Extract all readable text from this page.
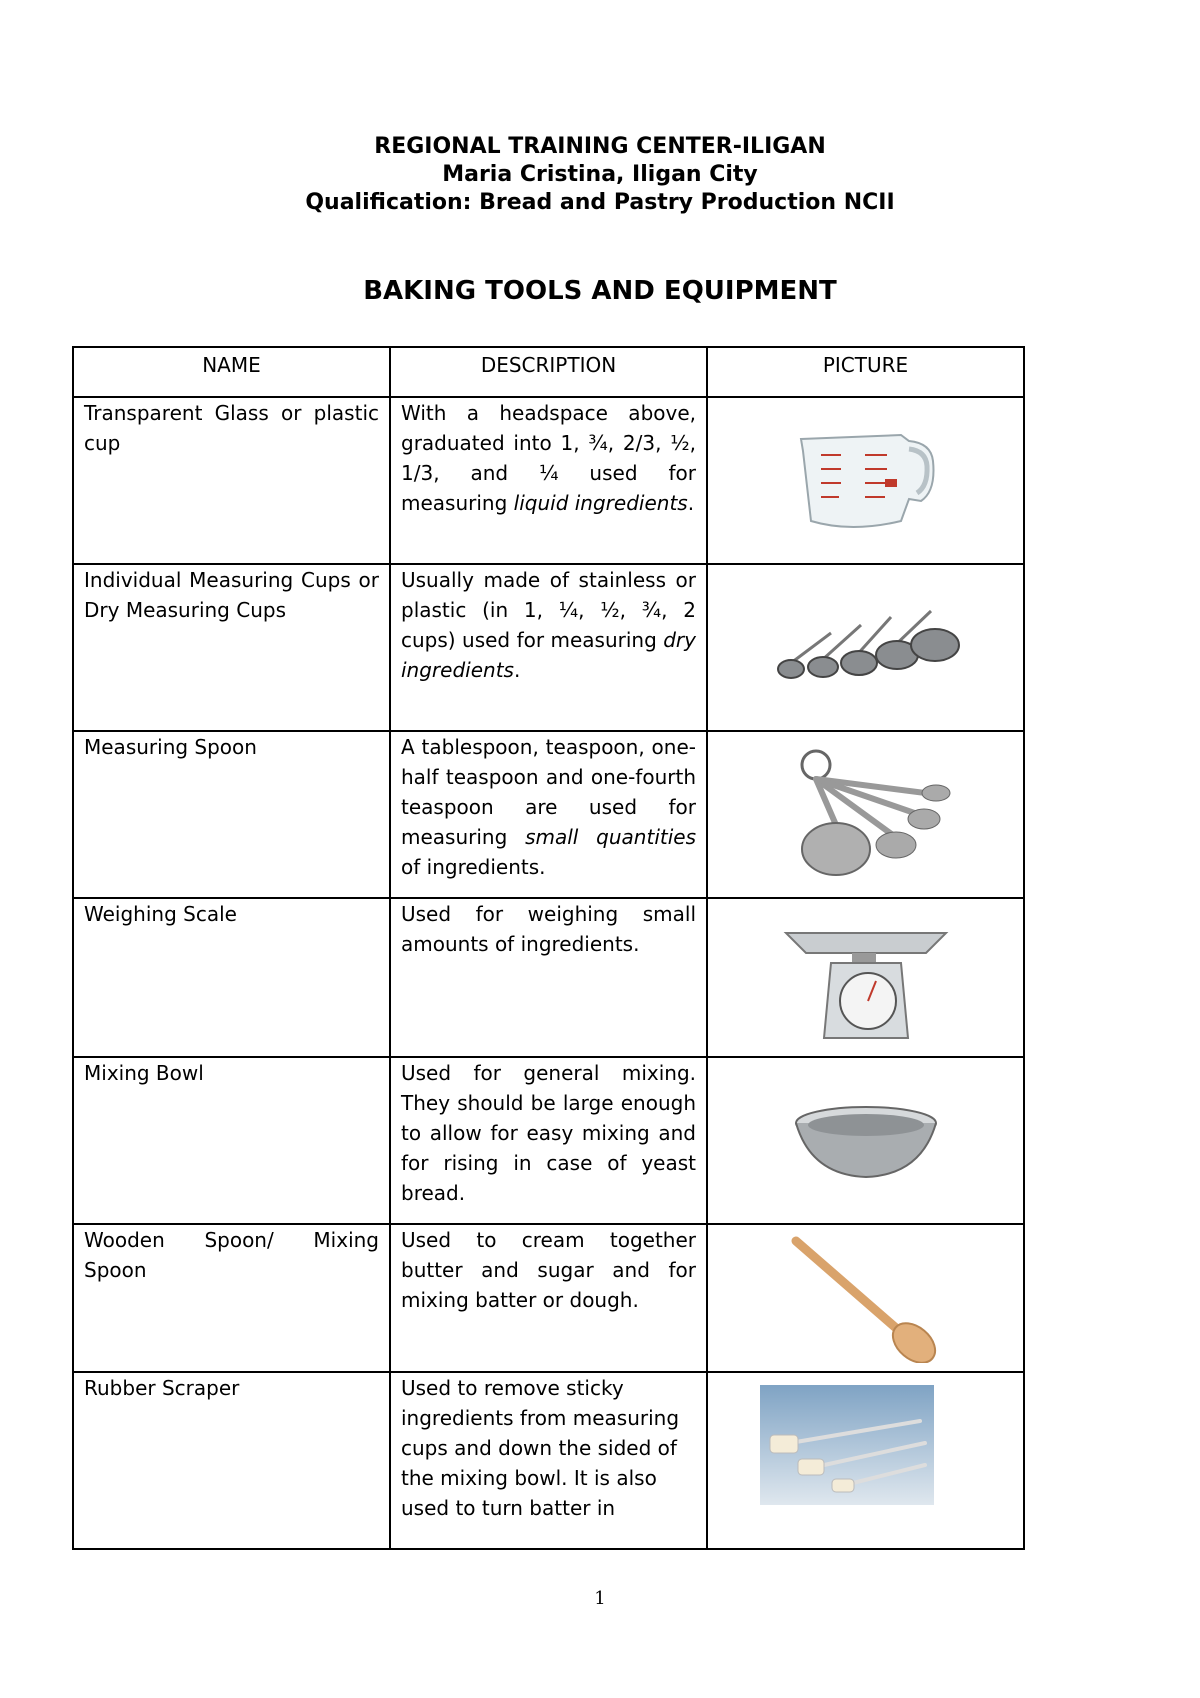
REGIONAL TRAINING CENTER-ILIGAN
Maria Cristina, Iligan City
Qualification: Bread and Pastry Production NCII
BAKING TOOLS AND EQUIPMENT
NAME	DESCRIPTION	PICTURE
Transparent Glass or plastic cup	With a headspace above, graduated into 1, ¾, 2/3, ½, 1/3, and ¼ used for measuring liquid ingredients.	

Individual Measuring Cups or Dry Measuring Cups	Usually made of stainless or plastic (in 1, ¼, ½, ¾, 2 cups) used for measuring dry ingredients.	

Measuring Spoon	A tablespoon, teaspoon, one-half teaspoon and one-fourth teaspoon are used for measuring small quantities of ingredients.	

Weighing Scale	Used for weighing small amounts of ingredients.	

Mixing Bowl	Used for general mixing. They should be large enough to allow for easy mixing and for rising in case of yeast bread.	

Wooden Spoon/ Mixing Spoon	Used to cream together butter and sugar and for mixing batter or dough.	

Rubber Scraper	Used to remove sticky ingredients from measuring cups and down the sided of the mixing bowl. It is also used to turn batter in	
1
